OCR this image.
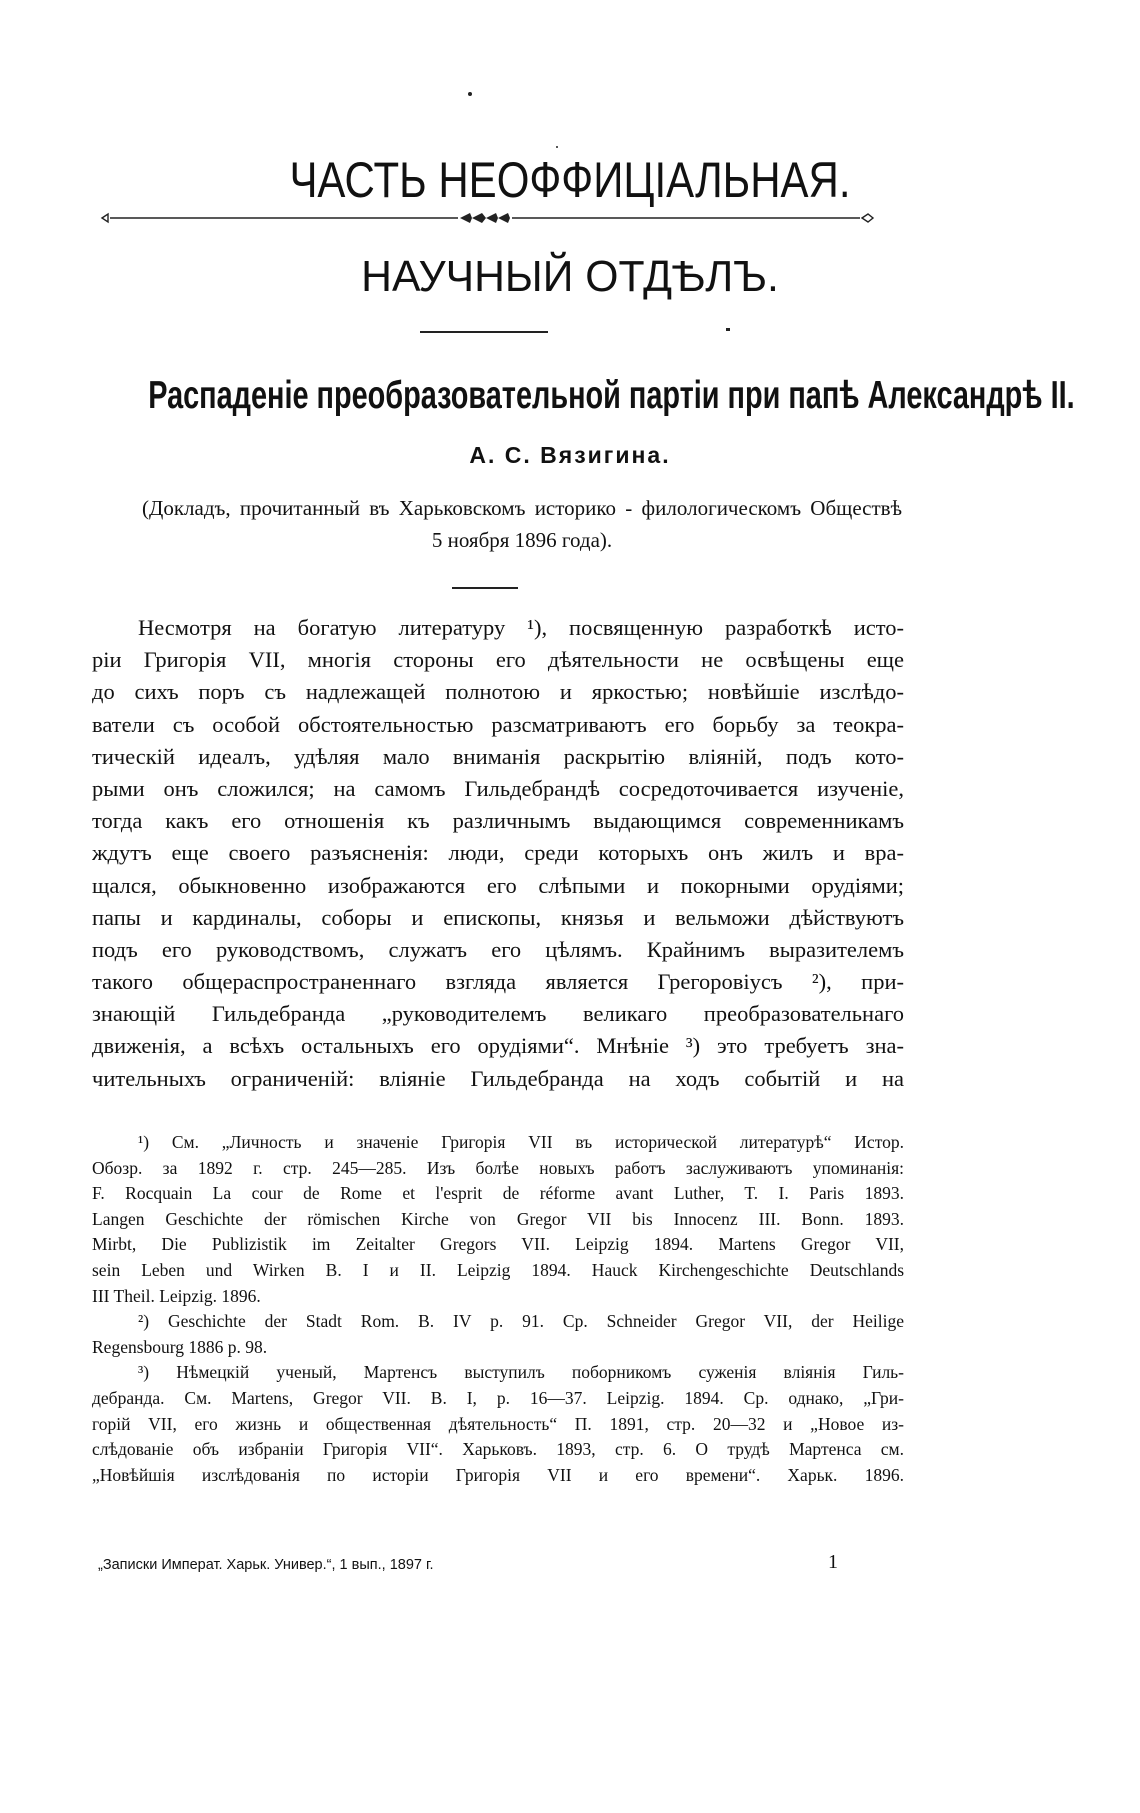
ЧАСТЬ НЕОФФИЦIАЛЬНАЯ.
НАУЧНЫЙ ОТДѢЛЪ.
Распаденіе преобразовательной партіи при папѣ Александрѣ II.
А. С. Вязигина.
(Докладъ, прочитанный въ Харьковскомъ историко - филологическомъ Обществѣ
5 ноября 1896 года).
Несмотря на богатую литературу ¹), посвященную разработкѣ исто-
ріи Григорія VII, многія стороны его дѣятельности не освѣщены еще
до сихъ поръ съ надлежащей полнотою и яркостью; новѣйшіе изслѣдо-
ватели съ особой обстоятельностью разсматриваютъ его борьбу за теокра-
тическій идеалъ, удѣляя мало вниманія раскрытію вліяній, подъ кото-
рыми онъ сложился; на самомъ Гильдебрандѣ сосредоточивается изученіе,
тогда какъ его отношенія къ различнымъ выдающимся современникамъ
ждутъ еще своего разъясненія: люди, среди которыхъ онъ жилъ и вра-
щался, обыкновенно изображаются его слѣпыми и покорными орудіями;
папы и кардиналы, соборы и епископы, князья и вельможи дѣйствуютъ
подъ его руководствомъ, служатъ его цѣлямъ. Крайнимъ выразителемъ
такого общераспространеннаго взгляда является Грегоровіусъ ²), при-
знающій Гильдебранда „руководителемъ великаго преобразовательнаго
движенія, а всѣхъ остальныхъ его орудіями“. Мнѣніе ³) это требуетъ зна-
чительныхъ ограниченій: вліяніе Гильдебранда на ходъ событій и на
¹) См. „Личность и значеніе Григорія VII въ исторической литературѣ“ Истор.
Обозр. за 1892 г. стр. 245—285. Изъ болѣе новыхъ работъ заслуживаютъ упоминанія:
F. Rocquain La cour de Rome et l'esprit de réforme avant Luther, T. I. Paris 1893.
Langen Geschichte der römischen Kirche von Gregor VII bis Innocenz III. Bonn. 1893.
Mirbt, Die Publizistik im Zeitalter Gregors VII. Leipzig 1894. Martens Gregor VII,
sein Leben und Wirken B. I и II. Leipzig 1894. Hauck Kirchengeschichte Deutschlands
III Theil. Leipzig. 1896.
²) Geschichte der Stadt Rom. B. IV p. 91. Ср. Schneider Gregor VII, der Heilige
Regensbourg 1886 p. 98.
³) Нѣмецкій ученый, Мартенсъ выступилъ поборникомъ суженія вліянія Гиль-
дебранда. См. Martens, Gregor VII. B. I, p. 16—37. Leipzig. 1894. Ср. однако, „Гри-
горій VII, его жизнь и общественная дѣятельность“ П. 1891, стр. 20—32 и „Новое из-
слѣдованіе объ избраніи Григорія VII“. Харьковъ. 1893, стр. 6. О трудѣ Мартенса см.
„Новѣйшія изслѣдованія по исторіи Григорія VII и его времени“. Харьк. 1896.
„Записки Императ. Харьк. Универ.“, 1 вып., 1897 г.	1
